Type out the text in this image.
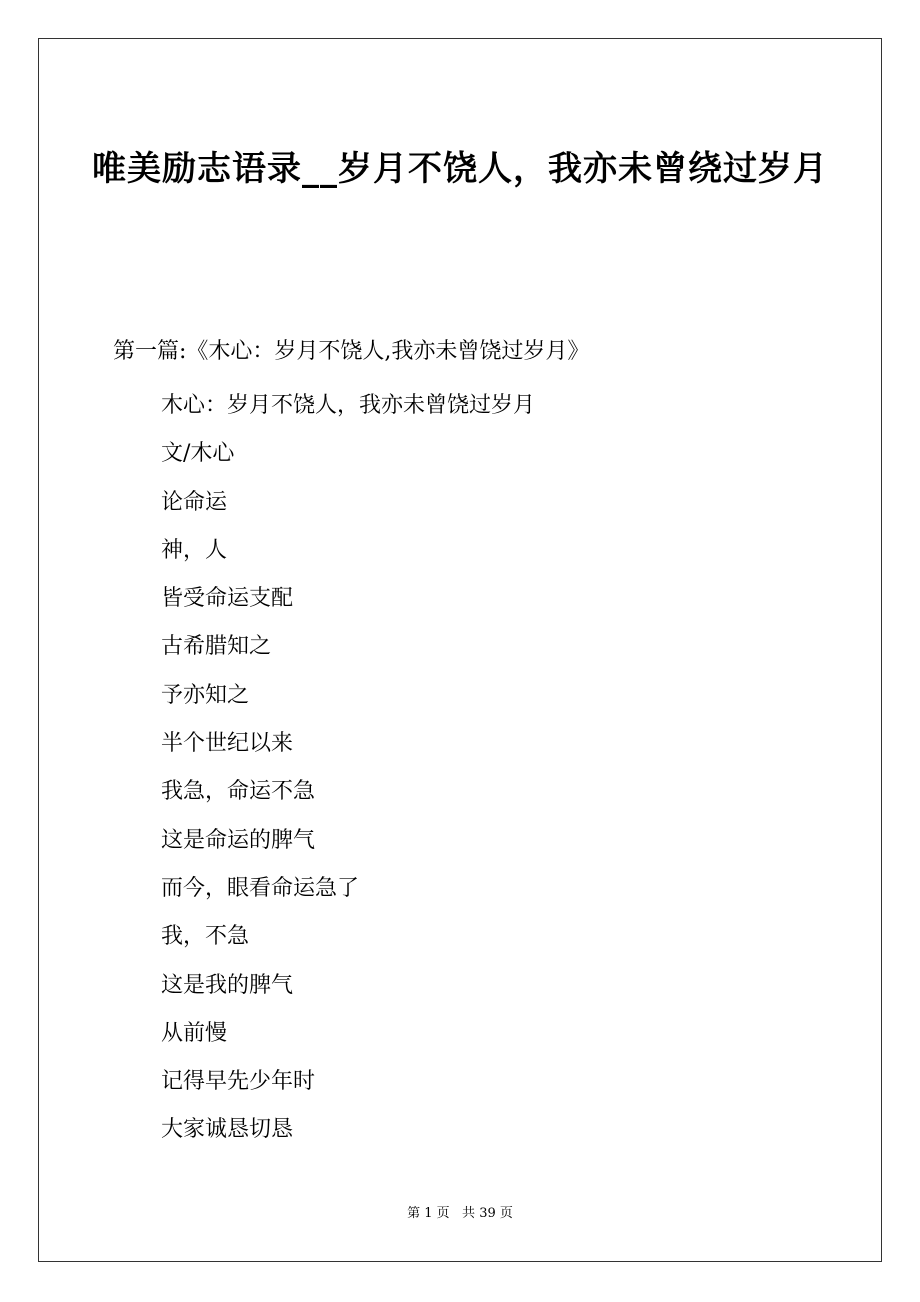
唯美励志语录__岁月不饶人，我亦未曾绕过岁月
第一篇:《木心：岁月不饶人,我亦未曾饶过岁月》
木心：岁月不饶人，我亦未曾饶过岁月
文/木心
论命运
神，人
皆受命运支配
古希腊知之
予亦知之
半个世纪以来
我急，命运不急
这是命运的脾气
而今，眼看命运急了
我，不急
这是我的脾气
从前慢
记得早先少年时
大家诚恳切恳
第 1 页   共 39 页
